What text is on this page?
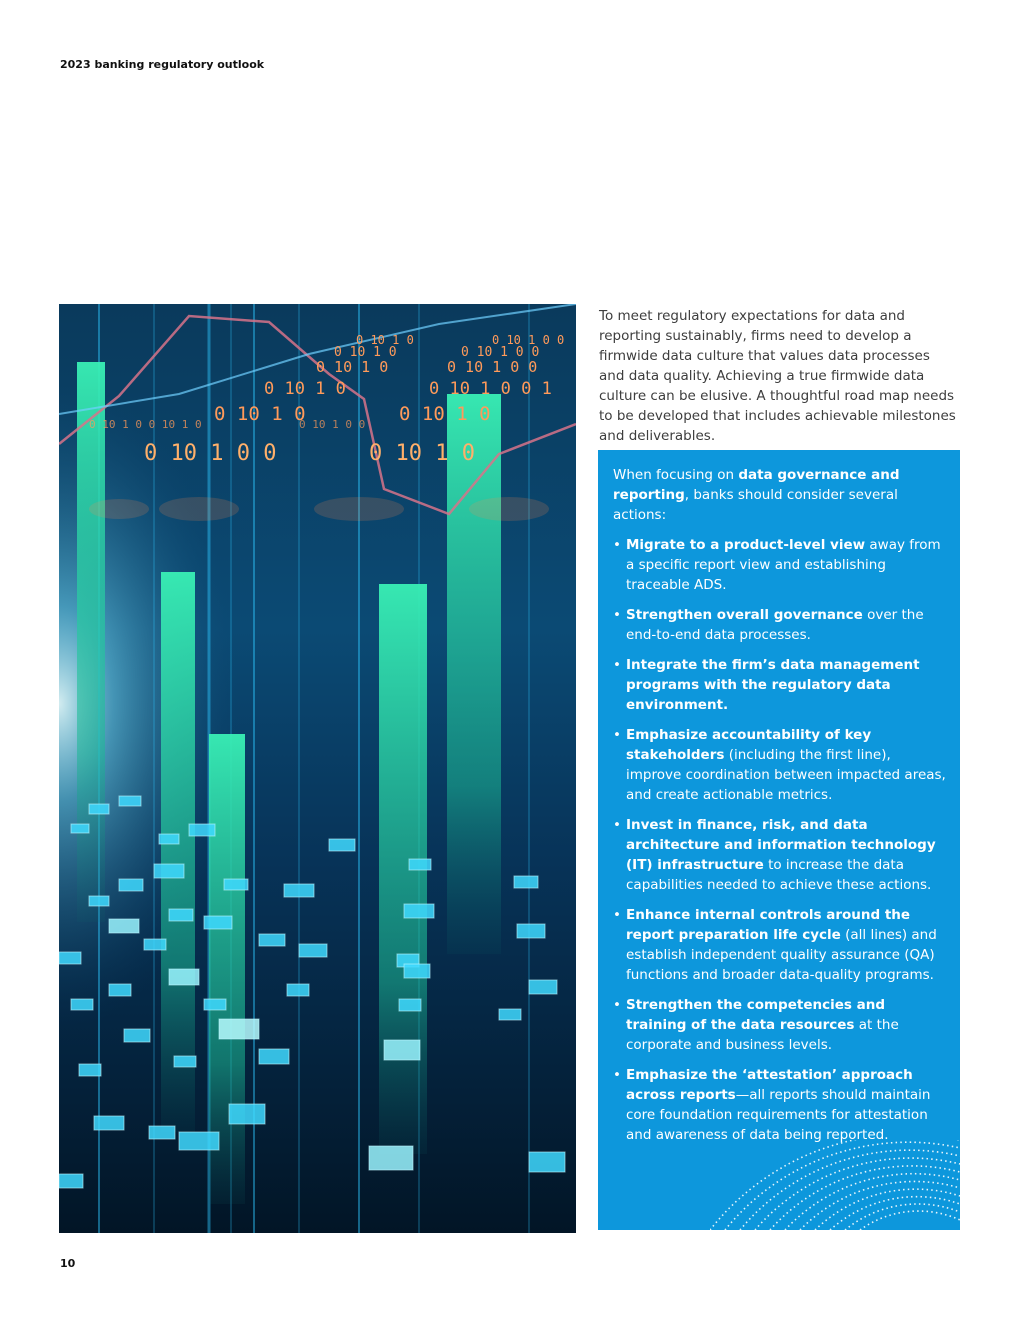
2023 banking regulatory outlook
0 10 1 0	0 10 1 0 0
0 10 1 0	0 10 1 0 0
0 10 1 0	0 10 1 0 0
0 10 1 0	0 10 1 0 0 1
0 10 1 0 0 10 1 0 0 10 1 0	0 10 1 0
0 10 1 0 0	0 10 1 0
0 10 1 0 0
To meet regulatory expectations for data and reporting sustainably, firms need to develop a firmwide data culture that values data processes and data quality. Achieving a true firmwide data culture can be elusive. A thoughtful road map needs to be developed that includes achievable milestones and deliverables.

When focusing on data governance and reporting, banks should consider several actions:

• Migrate to a product-level view away from a specific report view and establishing traceable ADS.
• Strengthen overall governance over the end-to-end data processes.
• Integrate the firm’s data management programs with the regulatory data environment.
• Emphasize accountability of key stakeholders (including the first line), improve coordination between impacted areas, and create actionable metrics.
• Invest in finance, risk, and data architecture and information technology (IT) infrastructure to increase the data capabilities needed to achieve these actions.
• Enhance internal controls around the report preparation life cycle (all lines) and establish independent quality assurance (QA) functions and broader data-quality programs.
• Strengthen the competencies and training of the data resources at the corporate and business levels.
• Emphasize the ‘attestation’ approach across reports—all reports should maintain core foundation requirements for attestation and awareness of data being reported.
10
